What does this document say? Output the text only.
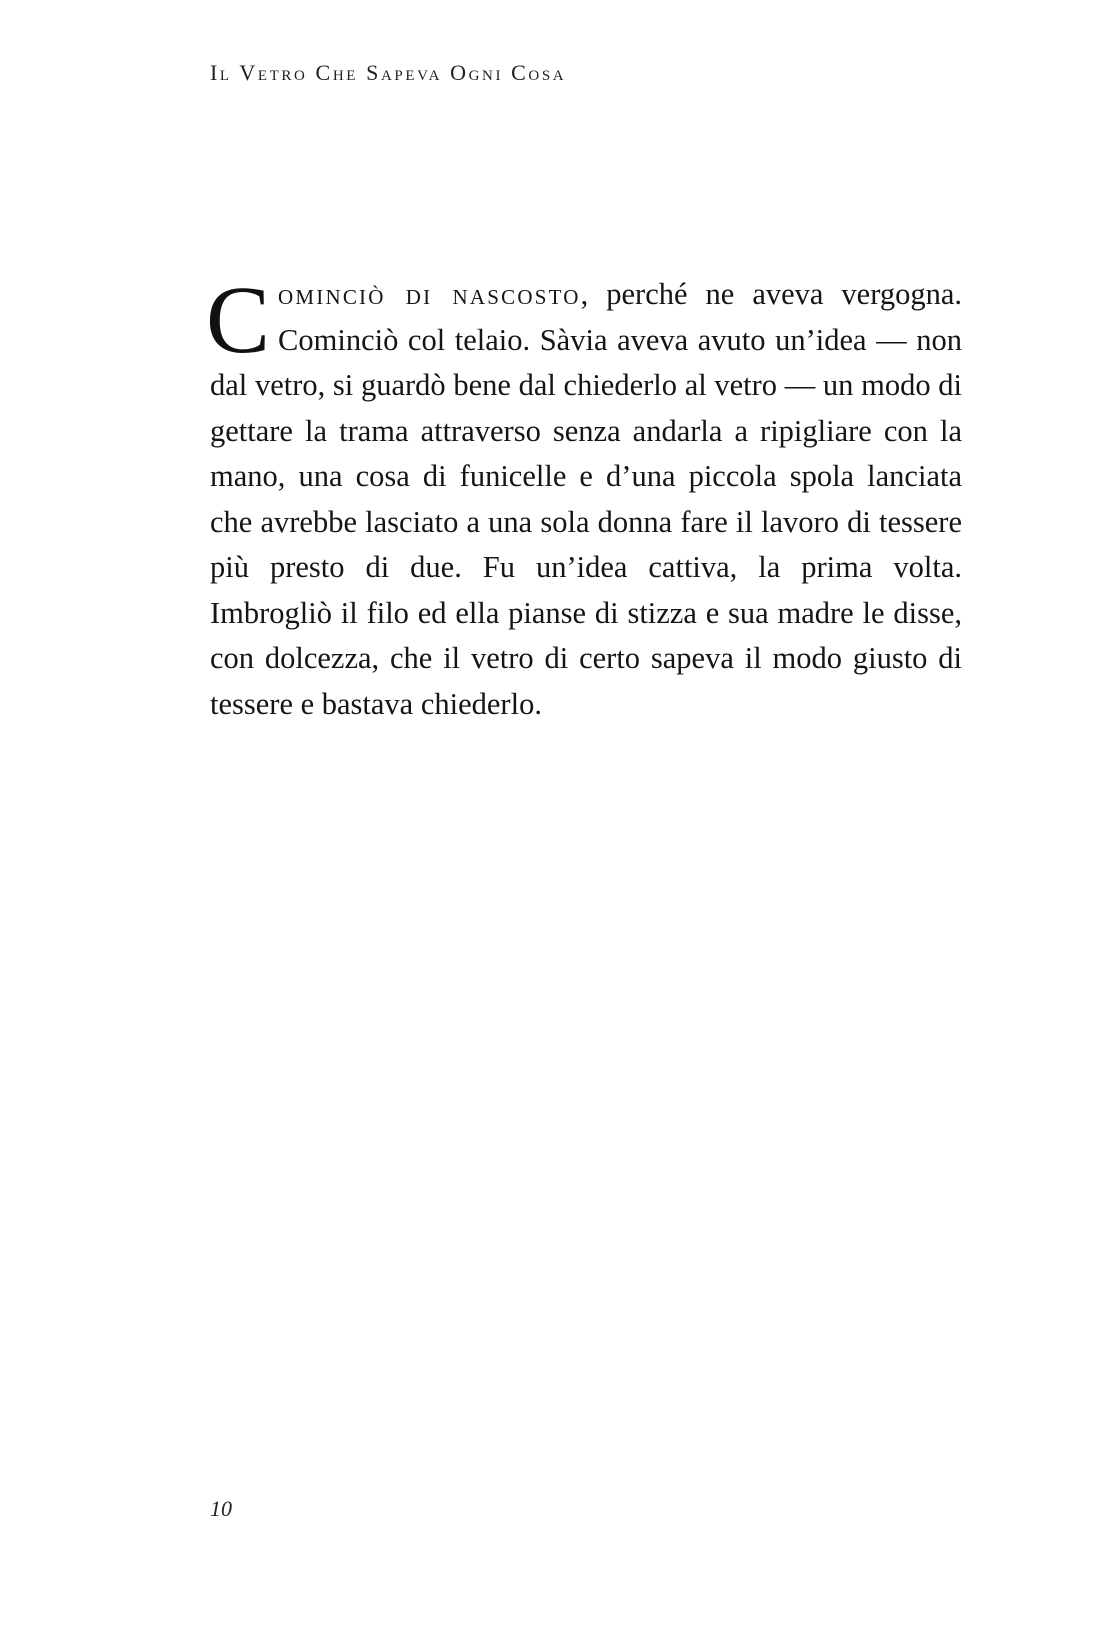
Il Vetro Che Sapeva Ogni Cosa

Cominciò di nascosto, perché ne aveva vergogna. Cominciò col telaio. Sàvia aveva avuto un’idea — non dal vetro, si guardò bene dal chiederlo al vetro — un modo di gettare la trama attraverso senza andarla a ripigliare con la mano, una cosa di funicelle e d’una piccola spola lanciata che avrebbe lasciato a una sola donna fare il lavoro di tessere più presto di due. Fu un’idea cattiva, la prima volta. Imbrogliò il filo ed ella pianse di stizza e sua madre le disse, con dolcezza, che il vetro di certo sapeva il modo giusto di tessere e bastava chiederlo.

10
